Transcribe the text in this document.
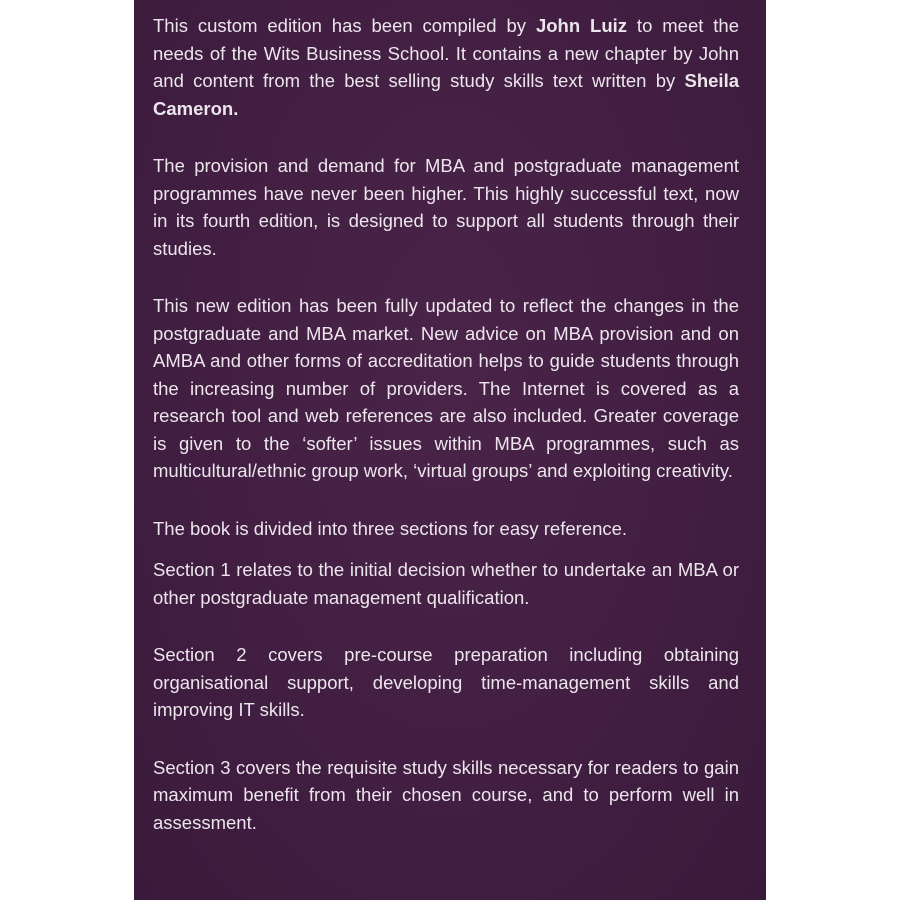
This custom edition has been compiled by John Luiz to meet the needs of the Wits Business School. It contains a new chapter by John and content from the best selling study skills text written by Sheila Cameron.

The provision and demand for MBA and postgraduate management programmes have never been higher. This highly successful text, now in its fourth edition, is designed to support all students through their studies.

This new edition has been fully updated to reflect the changes in the postgraduate and MBA market. New advice on MBA provision and on AMBA and other forms of accreditation helps to guide students through the increasing number of providers. The Internet is covered as a research tool and web references are also included. Greater coverage is given to the ‘softer’ issues within MBA programmes, such as multicultural/ethnic group work, ‘virtual groups’ and exploiting creativity.

The book is divided into three sections for easy reference.

Section 1 relates to the initial decision whether to undertake an MBA or other postgraduate management qualification.

Section 2 covers pre-course preparation including obtaining organisational support, developing time-management skills and improving IT skills.

Section 3 covers the requisite study skills necessary for readers to gain maximum benefit from their chosen course, and to perform well in assessment.
